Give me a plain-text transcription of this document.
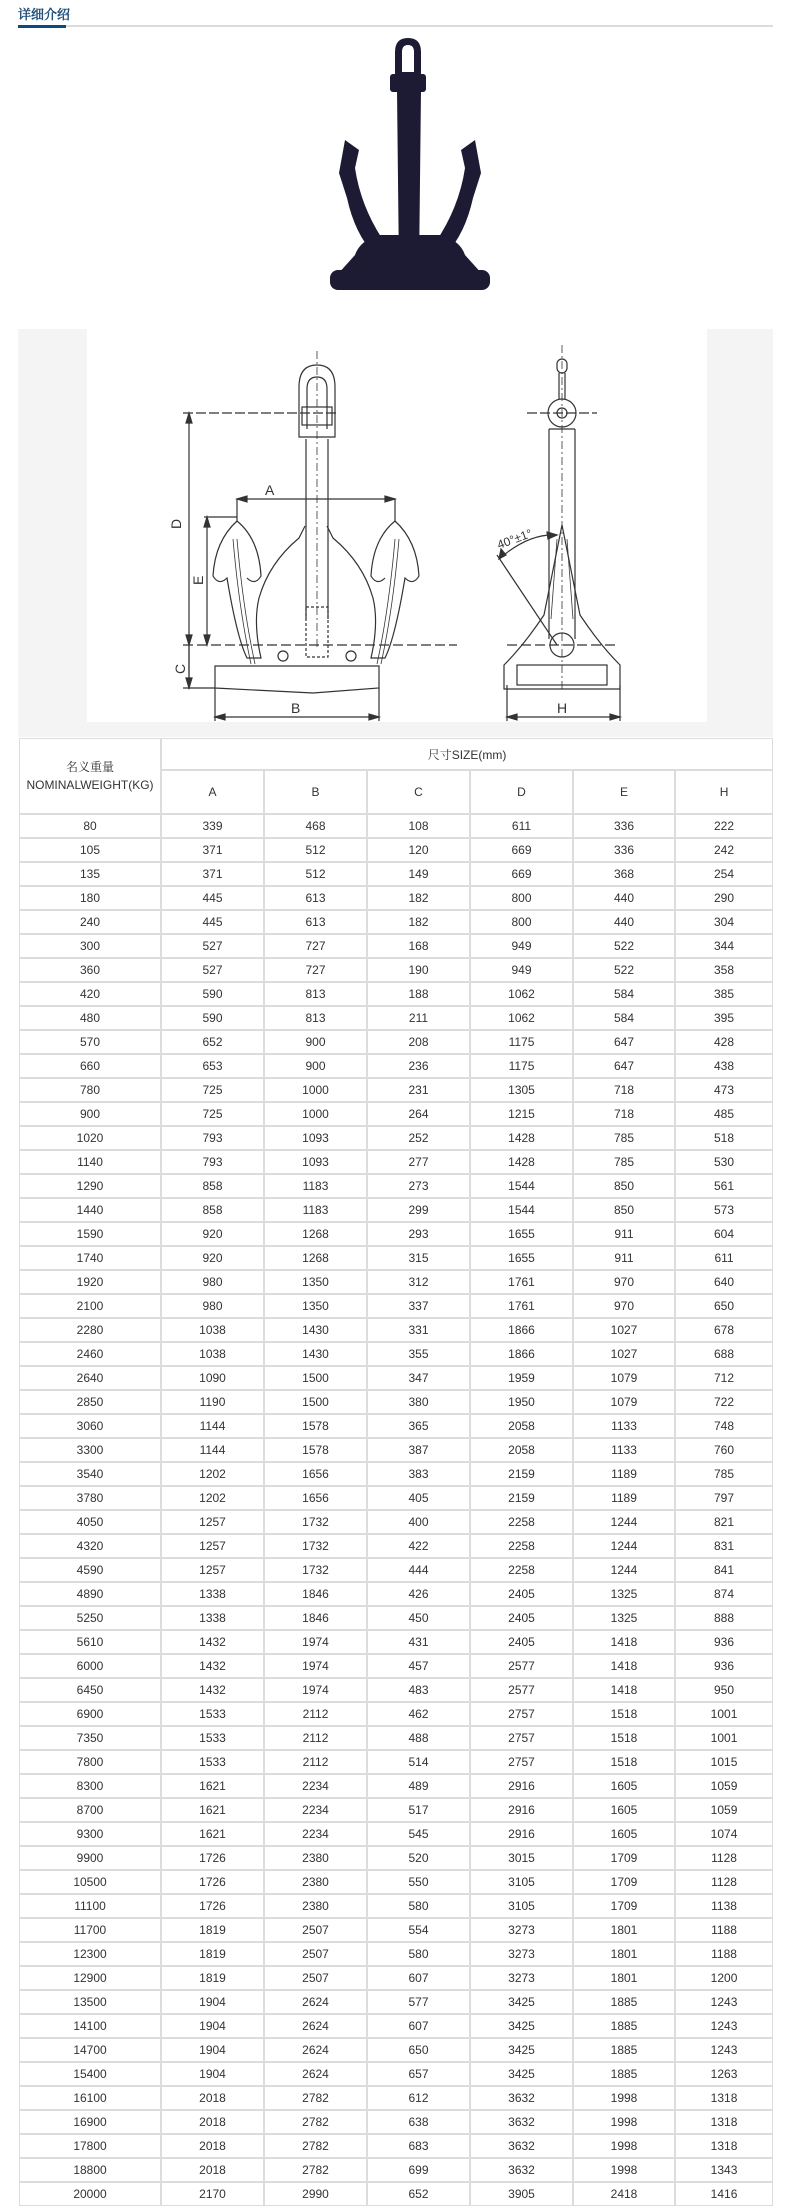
详细介绍
D
E
C
A
B	H
40°±1°
名义重量
NOMINALWEIGHT(KG)	尺寸SIZE(mm)					
	A	B	C	D	E	H
80	339	468	108	611	336	222
105	371	512	120	669	336	242
135	371	512	149	669	368	254
180	445	613	182	800	440	290
240	445	613	182	800	440	304
300	527	727	168	949	522	344
360	527	727	190	949	522	358
420	590	813	188	1062	584	385
480	590	813	211	1062	584	395
570	652	900	208	1175	647	428
660	653	900	236	1175	647	438
780	725	1000	231	1305	718	473
900	725	1000	264	1215	718	485
1020	793	1093	252	1428	785	518
1140	793	1093	277	1428	785	530
1290	858	1183	273	1544	850	561
1440	858	1183	299	1544	850	573
1590	920	1268	293	1655	911	604
1740	920	1268	315	1655	911	611
1920	980	1350	312	1761	970	640
2100	980	1350	337	1761	970	650
2280	1038	1430	331	1866	1027	678
2460	1038	1430	355	1866	1027	688
2640	1090	1500	347	1959	1079	712
2850	1190	1500	380	1950	1079	722
3060	1144	1578	365	2058	1133	748
3300	1144	1578	387	2058	1133	760
3540	1202	1656	383	2159	1189	785
3780	1202	1656	405	2159	1189	797
4050	1257	1732	400	2258	1244	821
4320	1257	1732	422	2258	1244	831
4590	1257	1732	444	2258	1244	841
4890	1338	1846	426	2405	1325	874
5250	1338	1846	450	2405	1325	888
5610	1432	1974	431	2405	1418	936
6000	1432	1974	457	2577	1418	936
6450	1432	1974	483	2577	1418	950
6900	1533	2112	462	2757	1518	1001
7350	1533	2112	488	2757	1518	1001
7800	1533	2112	514	2757	1518	1015
8300	1621	2234	489	2916	1605	1059
8700	1621	2234	517	2916	1605	1059
9300	1621	2234	545	2916	1605	1074
9900	1726	2380	520	3015	1709	1128
10500	1726	2380	550	3105	1709	1128
11100	1726	2380	580	3105	1709	1138
11700	1819	2507	554	3273	1801	1188
12300	1819	2507	580	3273	1801	1188
12900	1819	2507	607	3273	1801	1200
13500	1904	2624	577	3425	1885	1243
14100	1904	2624	607	3425	1885	1243
14700	1904	2624	650	3425	1885	1243
15400	1904	2624	657	3425	1885	1263
16100	2018	2782	612	3632	1998	1318
16900	2018	2782	638	3632	1998	1318
17800	2018	2782	683	3632	1998	1318
18800	2018	2782	699	3632	1998	1343
20000	2170	2990	652	3905	2418	1416
